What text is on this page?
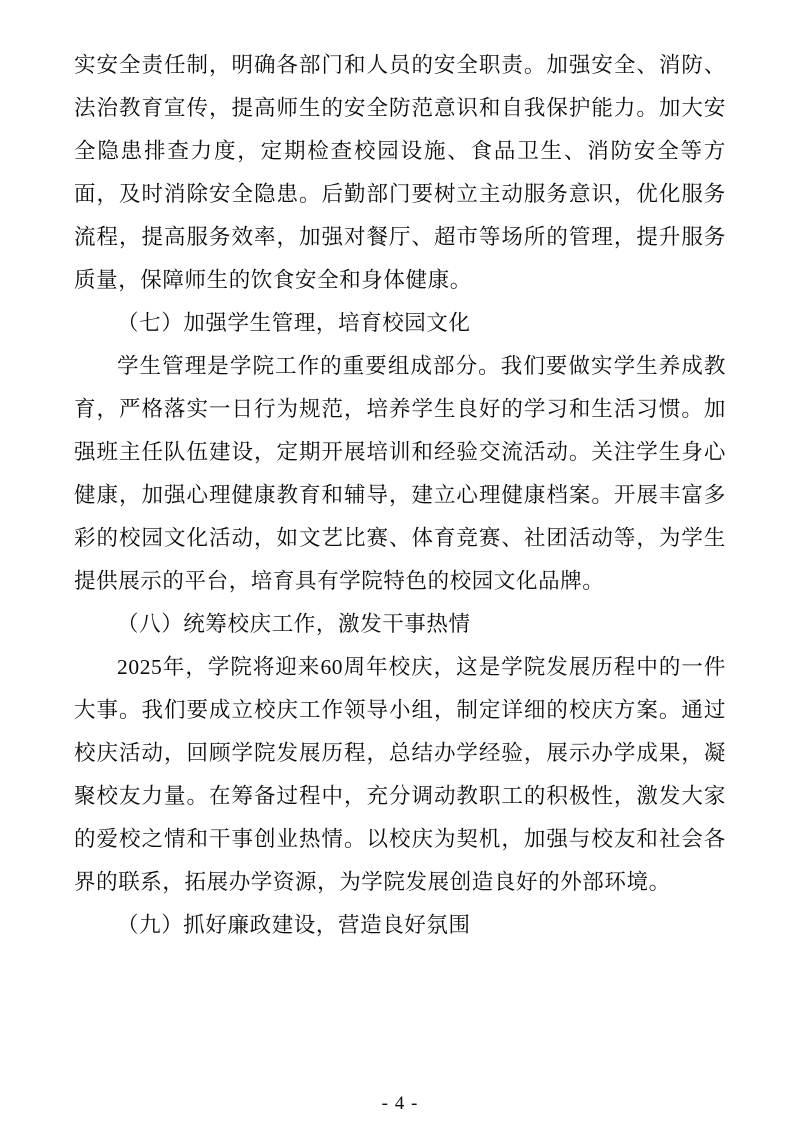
实安全责任制，明确各部门和人员的安全职责。加强安全、消防、法治教育宣传，提高师生的安全防范意识和自我保护能力。加大安全隐患排查力度，定期检查校园设施、食品卫生、消防安全等方面，及时消除安全隐患。后勤部门要树立主动服务意识，优化服务流程，提高服务效率，加强对餐厅、超市等场所的管理，提升服务质量，保障师生的饮食安全和身体健康。

（七）加强学生管理，培育校园文化

学生管理是学院工作的重要组成部分。我们要做实学生养成教育，严格落实一日行为规范，培养学生良好的学习和生活习惯。加强班主任队伍建设，定期开展培训和经验交流活动。关注学生身心健康，加强心理健康教育和辅导，建立心理健康档案。开展丰富多彩的校园文化活动，如文艺比赛、体育竞赛、社团活动等，为学生提供展示的平台，培育具有学院特色的校园文化品牌。

（八）统筹校庆工作，激发干事热情

2025年，学院将迎来60周年校庆，这是学院发展历程中的一件大事。我们要成立校庆工作领导小组，制定详细的校庆方案。通过校庆活动，回顾学院发展历程，总结办学经验，展示办学成果，凝聚校友力量。在筹备过程中，充分调动教职工的积极性，激发大家的爱校之情和干事创业热情。以校庆为契机，加强与校友和社会各界的联系，拓展办学资源，为学院发展创造良好的外部环境。

（九）抓好廉政建设，营造良好氛围

- 4 -
